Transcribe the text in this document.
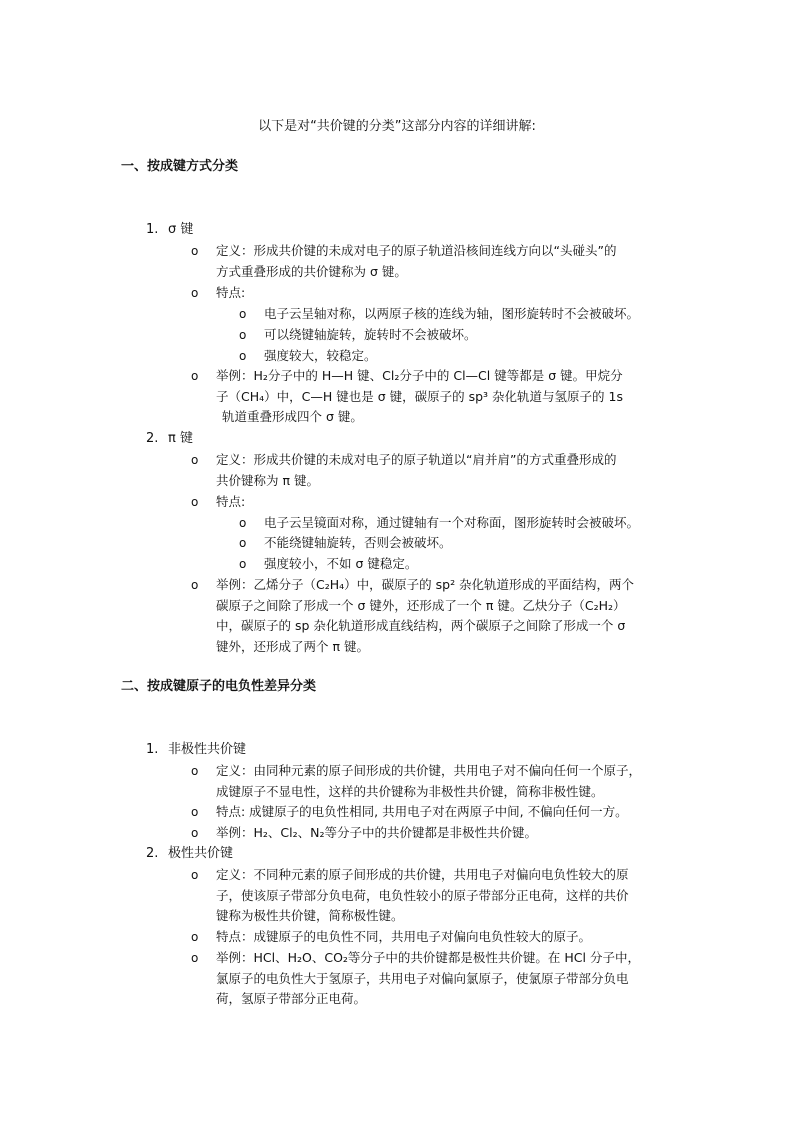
以下是对“共价键的分类”这部分内容的详细讲解:
一、按成键方式分类
1. σ 键
o 定义：形成共价键的未成对电子的原子轨道沿核间连线方向以“头碰头”的
方式重叠形成的共价键称为 σ 键。
o 特点:
o 电子云呈轴对称，以两原子核的连线为轴，图形旋转时不会被破坏。
o 可以绕键轴旋转，旋转时不会被破坏。
o 强度较大，较稳定。
o 举例：H₂分子中的 H—H 键、Cl₂分子中的 Cl—Cl 键等都是 σ 键。甲烷分
子（CH₄）中，C—H 键也是 σ 键，碳原子的 sp³ 杂化轨道与氢原子的 1s
轨道重叠形成四个 σ 键。
2. π 键
o 定义：形成共价键的未成对电子的原子轨道以“肩并肩”的方式重叠形成的
共价键称为 π 键。
o 特点:
o 电子云呈镜面对称，通过键轴有一个对称面，图形旋转时会被破坏。
o 不能绕键轴旋转，否则会被破坏。
o 强度较小，不如 σ 键稳定。
o 举例：乙烯分子（C₂H₄）中，碳原子的 sp² 杂化轨道形成的平面结构，两个
碳原子之间除了形成一个 σ 键外，还形成了一个 π 键。乙炔分子（C₂H₂）
中，碳原子的 sp 杂化轨道形成直线结构，两个碳原子之间除了形成一个 σ
键外，还形成了两个 π 键。
二、按成键原子的电负性差异分类
1. 非极性共价键
o 定义：由同种元素的原子间形成的共价键，共用电子对不偏向任何一个原子，
成键原子不显电性，这样的共价键称为非极性共价键，简称非极性键。
o 特点: 成键原子的电负性相同, 共用电子对在两原子中间, 不偏向任何一方。
o 举例：H₂、Cl₂、N₂等分子中的共价键都是非极性共价键。
2. 极性共价键
o 定义：不同种元素的原子间形成的共价键，共用电子对偏向电负性较大的原
子，使该原子带部分负电荷，电负性较小的原子带部分正电荷，这样的共价
键称为极性共价键，简称极性键。
o 特点：成键原子的电负性不同，共用电子对偏向电负性较大的原子。
o 举例：HCl、H₂O、CO₂等分子中的共价键都是极性共价键。在 HCl 分子中，
氯原子的电负性大于氢原子，共用电子对偏向氯原子，使氯原子带部分负电
荷，氢原子带部分正电荷。
